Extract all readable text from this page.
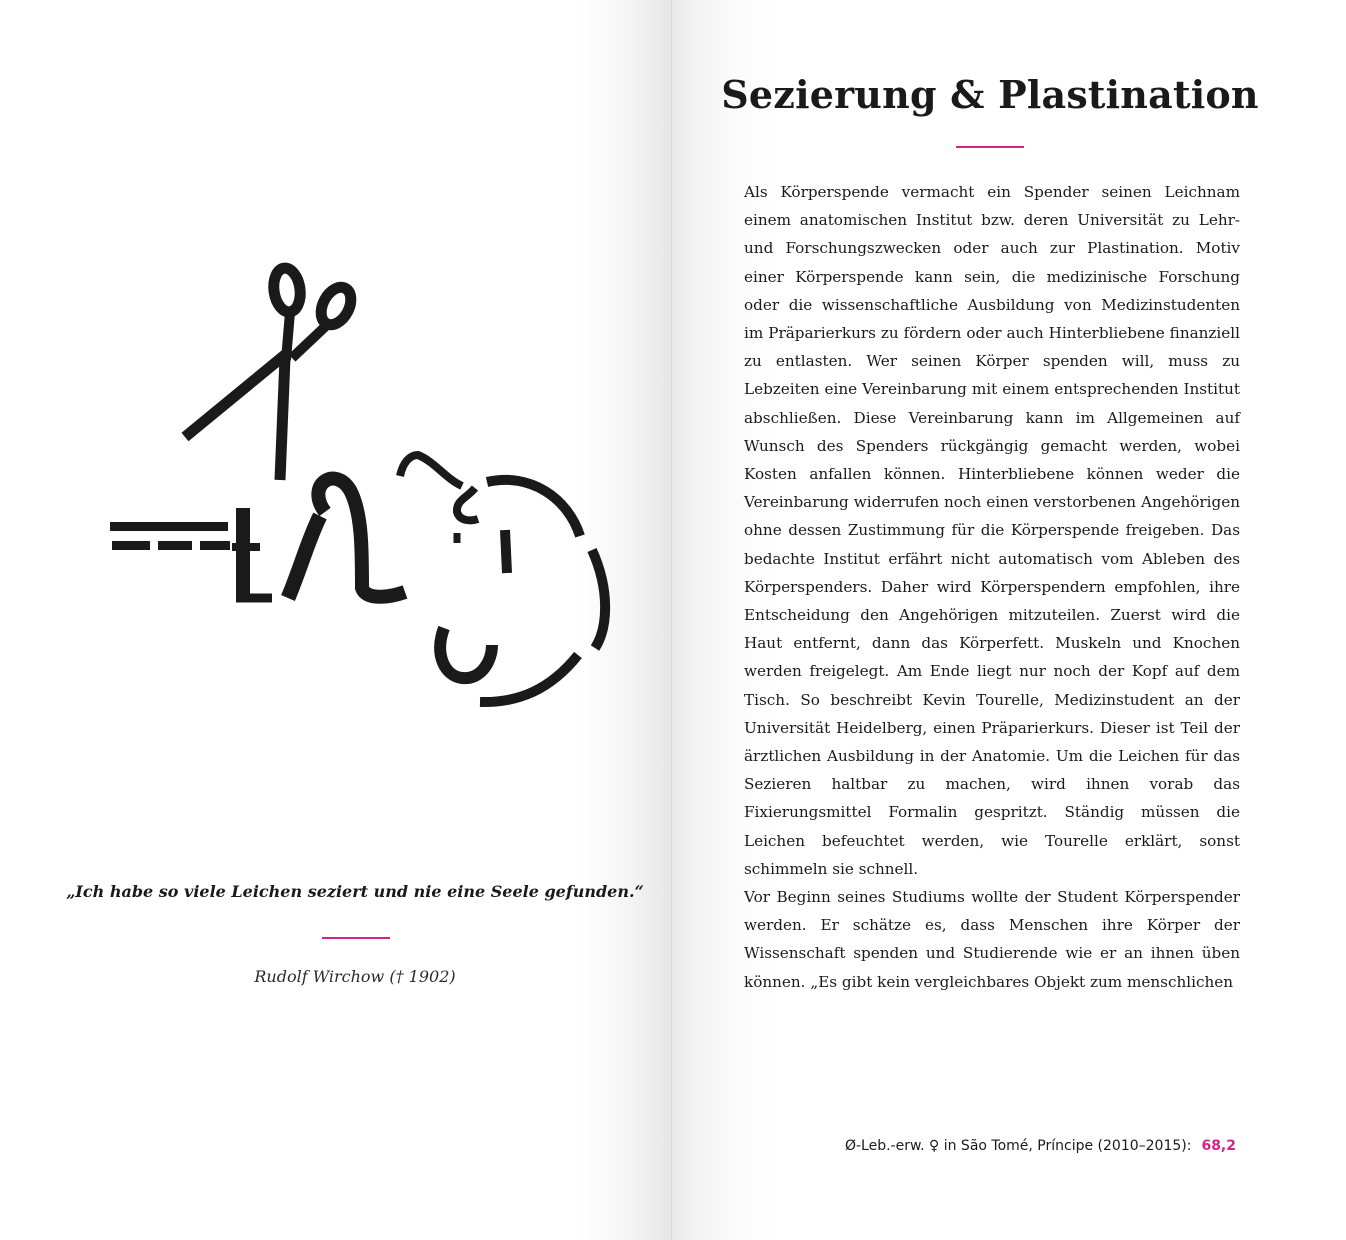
„Ich habe so viele Leichen seziert und nie eine Seele gefunden.“
Rudolf Wirchow († 1902)
Sezierung & Plastination

Als Körperspende vermacht ein Spender seinen Leichnam einem anatomischen Institut bzw. deren Universität zu Lehr- und Forschungszwecken oder auch zur Plastination. Motiv einer Körperspende kann sein, die medizinische Forschung oder die wissenschaftliche Ausbildung von Medizinstudenten im Präparierkurs zu fördern oder auch Hinterbliebene finanziell zu entlasten. Wer seinen Körper spenden will, muss zu Lebzeiten eine Vereinbarung mit einem entsprechenden Institut abschließen. Diese Vereinbarung kann im Allgemeinen auf Wunsch des Spenders rückgängig gemacht werden, wobei Kosten anfallen können. Hinterbliebene können weder die Vereinbarung widerrufen noch einen verstorbenen Angehörigen ohne dessen Zustimmung für die Körperspende freigeben. Das bedachte Institut erfährt nicht automatisch vom Ableben des Körperspenders. Daher wird Körperspendern empfohlen, ihre Entscheidung den Angehörigen mitzuteilen. Zuerst wird die Haut entfernt, dann das Körperfett. Muskeln und Knochen werden freigelegt. Am Ende liegt nur noch der Kopf auf dem Tisch. So beschreibt Kevin Tourelle, Medizinstudent an der Universität Heidelberg, einen Präparierkurs. Dieser ist Teil der ärztlichen Ausbildung in der Anatomie. Um die Leichen für das Sezieren haltbar zu machen, wird ihnen vorab das Fixierungsmittel Formalin gespritzt. Ständig müssen die Leichen befeuchtet werden, wie Tourelle erklärt, sonst schimmeln sie schnell.

Vor Beginn seines Studiums wollte der Student Körperspender werden. Er schätze es, dass Menschen ihre Körper der Wissenschaft spenden und Studierende wie er an ihnen üben können. „Es gibt kein vergleichbares Objekt zum menschlichen

Ø-Leb.-erw. ♀ in São Tomé, Príncipe (2010–2015): 68,2
